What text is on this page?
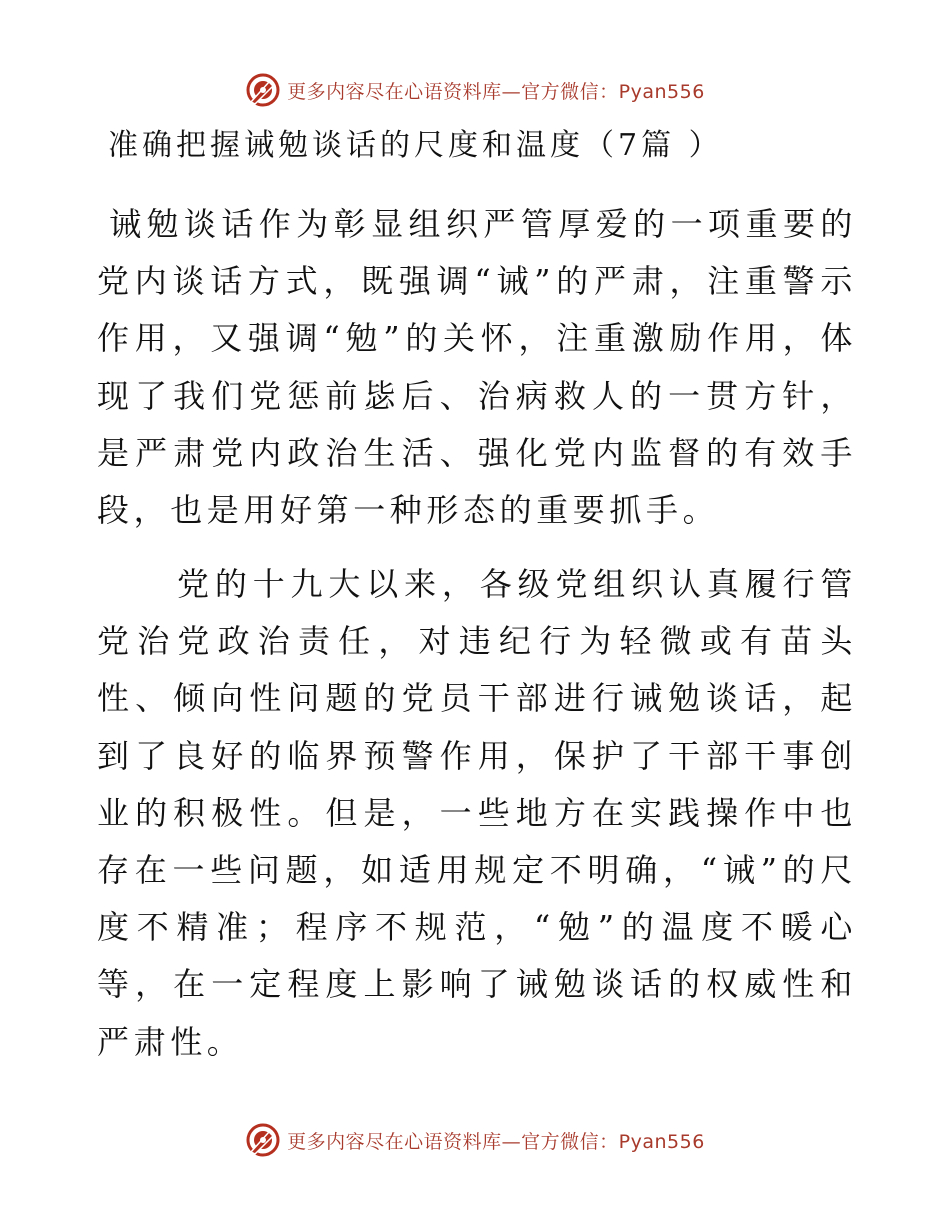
更多内容尽在心语资料库—官方微信：Pyan556
准确把握诫勉谈话的尺度和温度（7篇 ）

诫勉谈话作为彰显组织严管厚爱的一项重要的党内谈话方式，既强调“诫”的严肃，注重警示作用，又强调“勉”的关怀，注重激励作用，体现了我们党惩前毖后、治病救人的一贯方针，是严肃党内政治生活、强化党内监督的有效手段，也是用好第一种形态的重要抓手。

党的十九大以来，各级党组织认真履行管党治党政治责任，对违纪行为轻微或有苗头性、倾向性问题的党员干部进行诫勉谈话，起到了良好的临界预警作用，保护了干部干事创业的积极性。但是，一些地方在实践操作中也存在一些问题，如适用规定不明确，“诫”的尺度不精准；程序不规范，“勉”的温度不暖心等，在一定程度上影响了诫勉谈话的权威性和严肃性。

更多内容尽在心语资料库—官方微信：Pyan556
